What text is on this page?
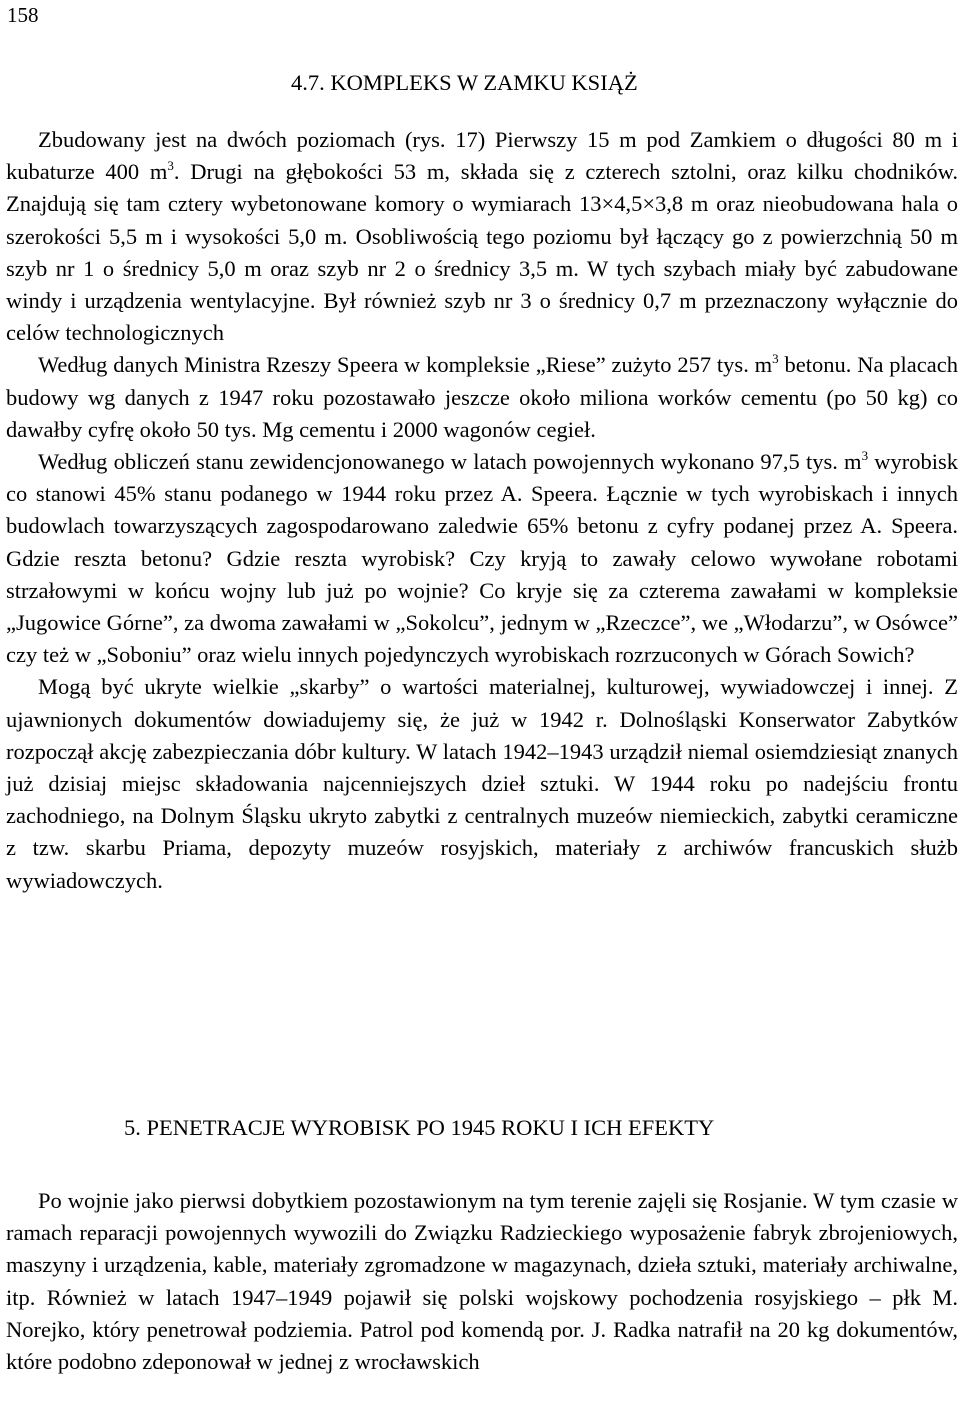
158
4.7. KOMPLEKS W ZAMKU KSIĄŻ

Zbudowany jest na dwóch poziomach (rys. 17) Pierwszy 15 m pod Zamkiem o długości 80 m i kubaturze 400 $m^3$. Drugi na głębokości 53 m, składa się z czterech sztolni, oraz kilku chodników. Znajdują się tam cztery wybetonowane komory o wymiarach 13×4,5×3,8 m oraz nieobudowana hala o szerokości 5,5 m i wysokości 5,0 m. Osobliwością tego poziomu był łączący go z powierzchnią 50 m szyb nr 1 o średnicy 5,0 m oraz szyb nr 2 o średnicy 3,5 m. W tych szybach miały być zabudowane windy i urządzenia wentylacyjne. Był również szyb nr 3 o średnicy 0,7 m przeznaczony wyłącznie do celów technologicznych

Według danych Ministra Rzeszy Speera w kompleksie „Riese” zużyto 257 tys. $m^3$ betonu. Na placach budowy wg danych z 1947 roku pozostawało jeszcze około miliona worków cementu (po 50 kg) co dawałby cyfrę około 50 tys. Mg cementu i 2000 wagonów cegieł.

Według obliczeń stanu zewidencjonowanego w latach powojennych wykonano 97,5 tys. $m^3$ wyrobisk co stanowi 45% stanu podanego w 1944 roku przez A. Speera. Łącznie w tych wyrobiskach i innych budowlach towarzyszących zagospodarowano zaledwie 65% betonu z cyfry podanej przez A. Speera. Gdzie reszta betonu? Gdzie reszta wyrobisk? Czy kryją to zawały celowo wywołane robotami strzałowymi w końcu wojny lub już po wojnie? Co kryje się za czterema zawałami w kompleksie „Jugowice Górne”, za dwoma zawałami w „Sokolcu”, jednym w „Rzeczce”, we „Włodarzu”, w Osówce” czy też w „Soboniu” oraz wielu innych pojedynczych wyrobiskach rozrzuconych w Górach Sowich?

Mogą być ukryte wielkie „skarby” o wartości materialnej, kulturowej, wywiadowczej i innej. Z ujawnionych dokumentów dowiadujemy się, że już w 1942 r. Dolnośląski Konserwator Zabytków rozpoczął akcję zabezpieczania dóbr kultury. W latach 1942–1943 urządził niemal osiemdziesiąt znanych już dzisiaj miejsc składowania najcenniejszych dzieł sztuki. W 1944 roku po nadejściu frontu zachodniego, na Dolnym Śląsku ukryto zabytki z centralnych muzeów niemieckich, zabytki ceramiczne z tzw. skarbu Priama, depozyty muzeów rosyjskich, materiały z archiwów francuskich służb wywiadowczych.

5. PENETRACJE WYROBISK PO 1945 ROKU I ICH EFEKTY

Po wojnie jako pierwsi dobytkiem pozostawionym na tym terenie zajęli się Rosjanie. W tym czasie w ramach reparacji powojennych wywozili do Związku Radzieckiego wyposażenie fabryk zbrojeniowych, maszyny i urządzenia, kable, materiały zgromadzone w magazynach, dzieła sztuki, materiały archiwalne, itp. Również w latach 1947–1949 pojawił się polski wojskowy pochodzenia rosyjskiego – płk M. Norejko, który penetrował podziemia. Patrol pod komendą por. J. Radka natrafił na 20 kg dokumentów, które podobno zdeponował w jednej z wrocławskich
